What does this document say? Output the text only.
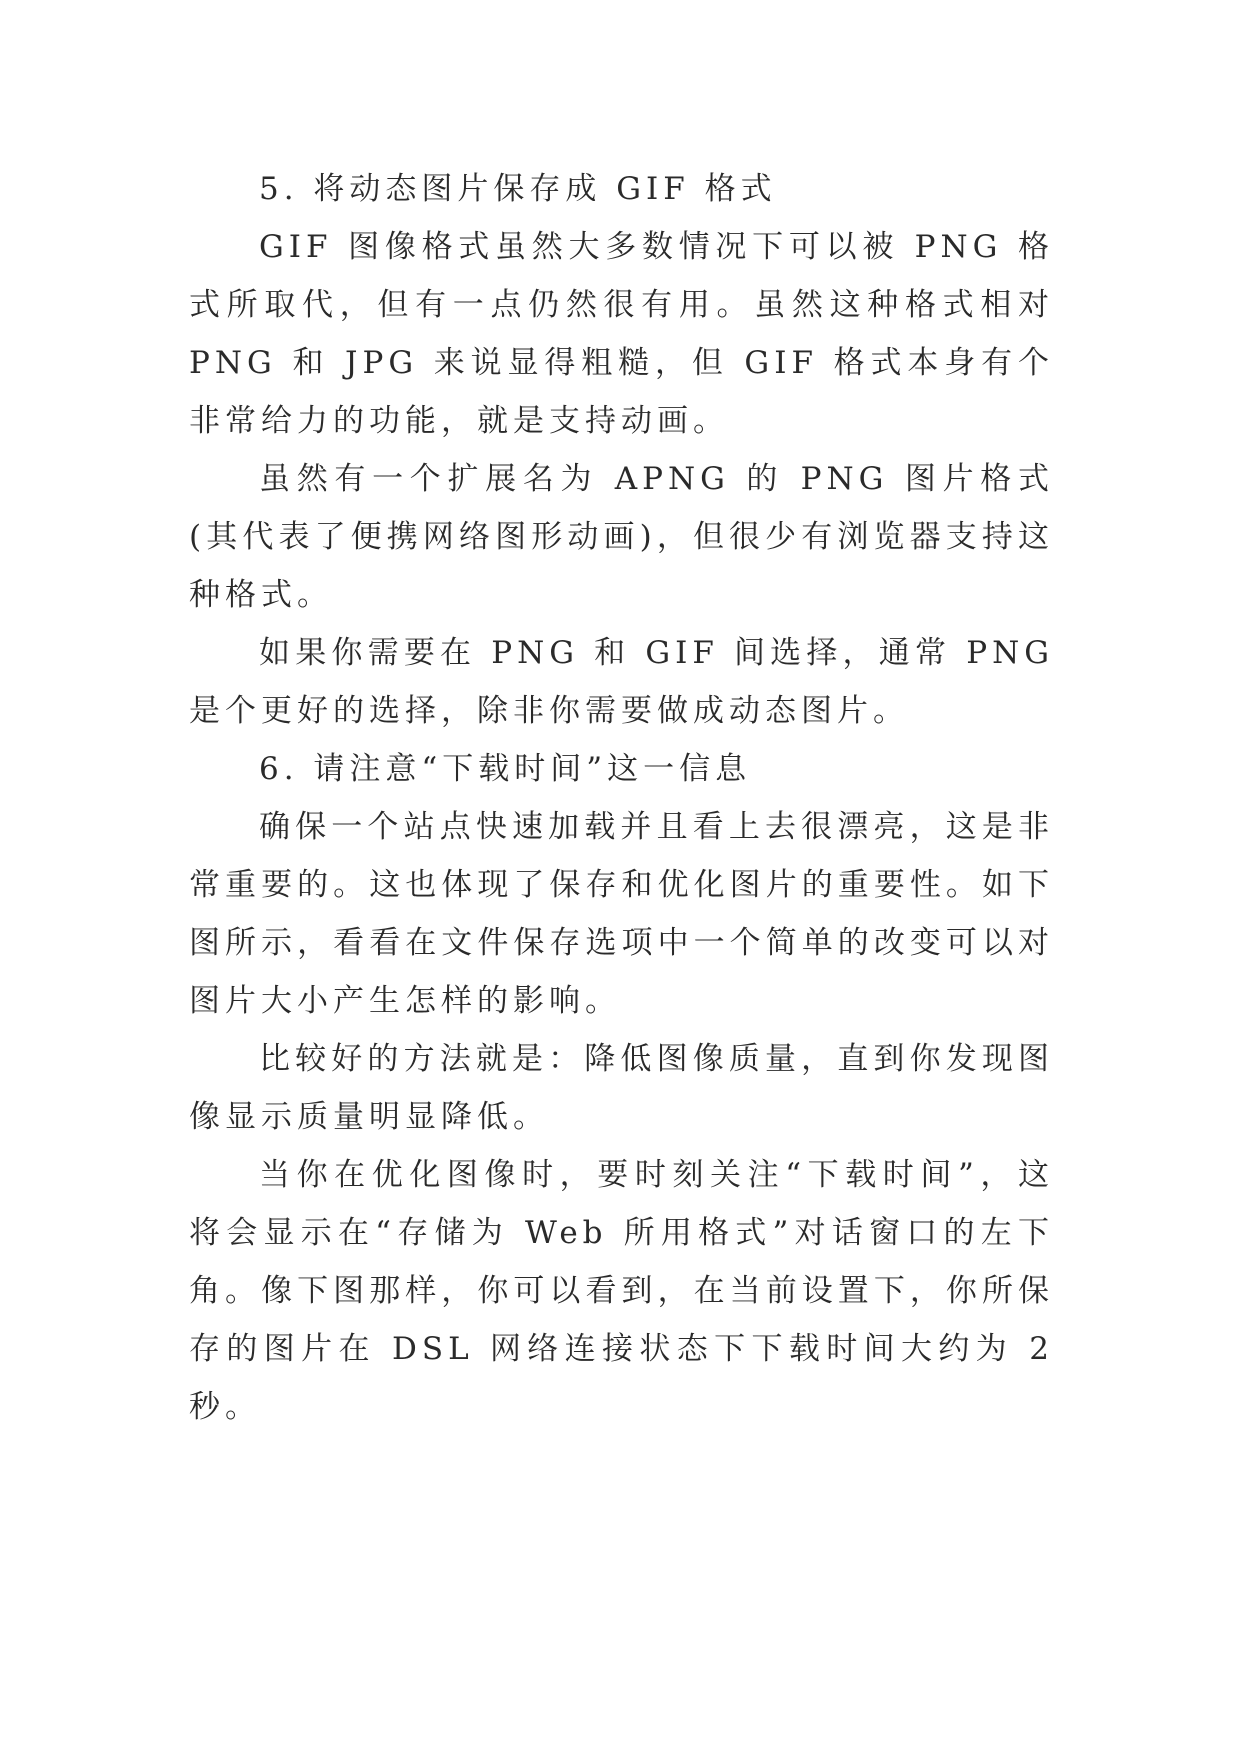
5. 将动态图片保存成 GIF 格式

GIF 图像格式虽然大多数情况下可以被 PNG 格式所取代，但有一点仍然很有用。虽然这种格式相对 PNG 和 JPG 来说显得粗糙，但 GIF 格式本身有个非常给力的功能，就是支持动画。

虽然有一个扩展名为 APNG 的 PNG 图片格式(其代表了便携网络图形动画)，但很少有浏览器支持这种格式。

如果你需要在 PNG 和 GIF 间选择，通常 PNG 是个更好的选择，除非你需要做成动态图片。

6. 请注意“下载时间”这一信息

确保一个站点快速加载并且看上去很漂亮，这是非常重要的。这也体现了保存和优化图片的重要性。如下图所示，看看在文件保存选项中一个简单的改变可以对图片大小产生怎样的影响。

比较好的方法就是：降低图像质量，直到你发现图像显示质量明显降低。

当你在优化图像时，要时刻关注“下载时间”，这将会显示在“存储为 Web 所用格式”对话窗口的左下角。像下图那样，你可以看到，在当前设置下，你所保存的图片在 DSL 网络连接状态下下载时间大约为 2 秒。
